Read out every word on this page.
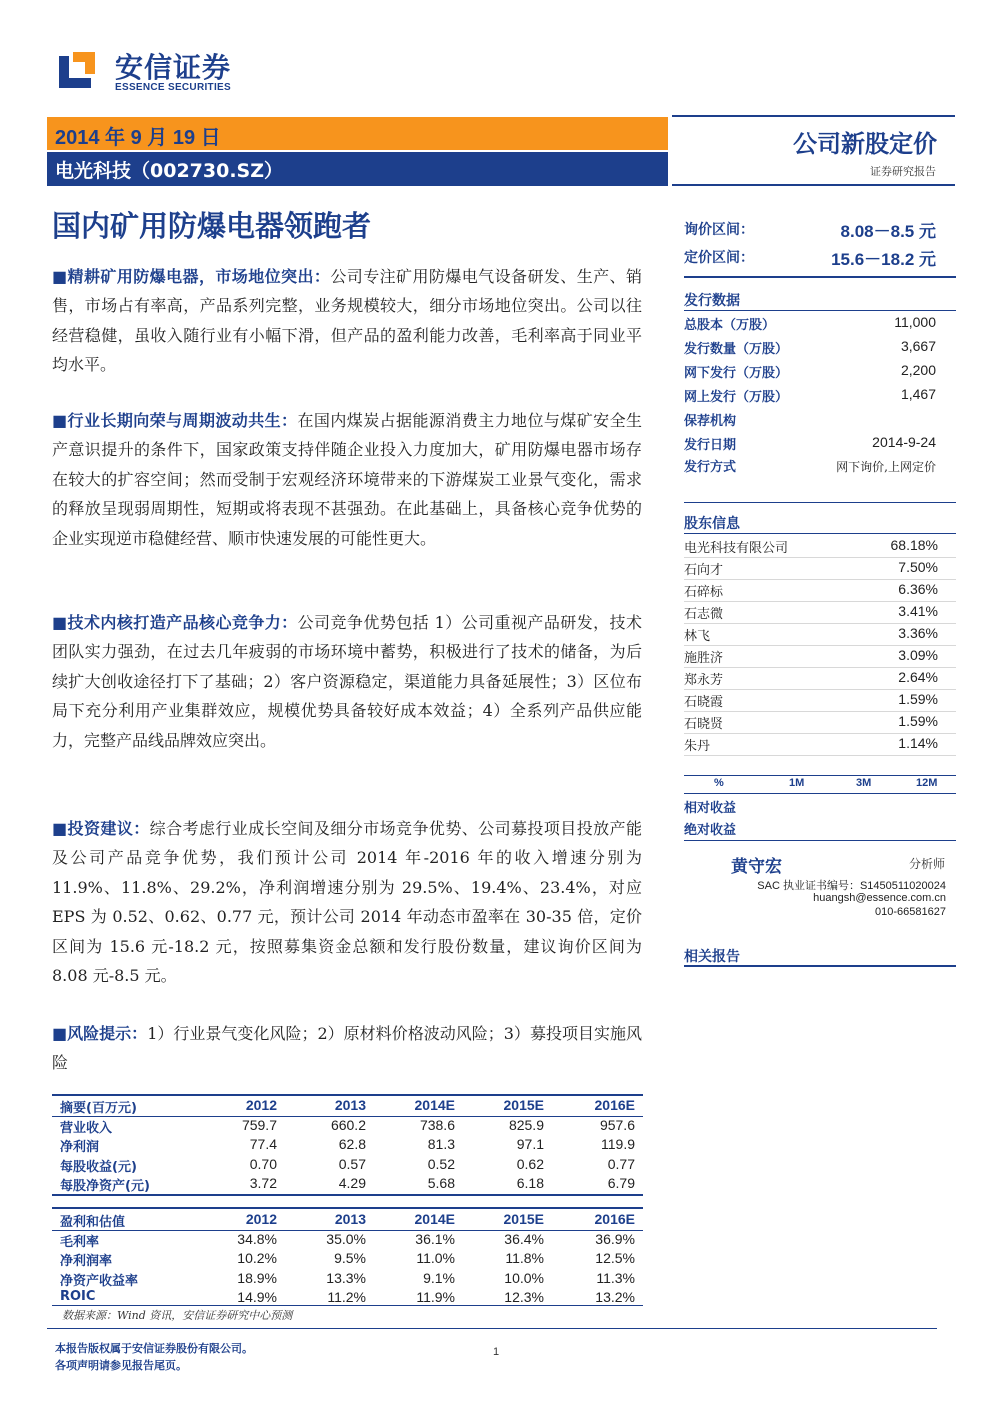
安信证券
ESSENCE SECURITIES
2014 年 9 月 19 日
电光科技（002730.SZ）
公司新股定价
证券研究报告
国内矿用防爆电器领跑者
■精耕矿用防爆电器，市场地位突出：公司专注矿用防爆电气设备研发、生产、销售，市场占有率高，产品系列完整，业务规模较大，细分市场地位突出。公司以往经营稳健，虽收入随行业有小幅下滑，但产品的盈利能力改善，毛利率高于同业平均水平。
■行业长期向荣与周期波动共生：在国内煤炭占据能源消费主力地位与煤矿安全生产意识提升的条件下，国家政策支持伴随企业投入力度加大，矿用防爆电器市场存在较大的扩容空间；然而受制于宏观经济环境带来的下游煤炭工业景气变化，需求的释放呈现弱周期性，短期或将表现不甚强劲。在此基础上，具备核心竞争优势的企业实现逆市稳健经营、顺市快速发展的可能性更大。
■技术内核打造产品核心竞争力：公司竞争优势包括 1）公司重视产品研发，技术团队实力强劲，在过去几年疲弱的市场环境中蓄势，积极进行了技术的储备，为后续扩大创收途径打下了基础；2）客户资源稳定，渠道能力具备延展性；3）区位布局下充分利用产业集群效应，规模优势具备较好成本效益；4）全系列产品供应能力，完整产品线品牌效应突出。
■投资建议：综合考虑行业成长空间及细分市场竞争优势、公司募投项目投放产能及公司产品竞争优势，我们预计公司 2014 年-2016 年的收入增速分别为 11.9%、11.8%、29.2%，净利润增速分别为 29.5%、19.4%、23.4%，对应 EPS 为 0.52、0.62、0.77 元，预计公司 2014 年动态市盈率在 30-35 倍，定价区间为 15.6 元-18.2 元，按照募集资金总额和发行股份数量，建议询价区间为 8.08 元-8.5 元。
■风险提示：1）行业景气变化风险；2）原材料价格波动风险；3）募投项目实施风险
询价区间：	8.08－8.5 元
定价区间：	15.6－18.2 元
发行数据
总股本（万股）	11,000
发行数量（万股）	3,667
网下发行（万股）	2,200
网上发行（万股）	1,467
保荐机构
发行日期	2014-9-24
发行方式	网下询价,上网定价
股东信息
电光科技有限公司	68.18%
石向才	7.50%
石碎标	6.36%
石志微	3.41%
林飞	3.36%
施胜济	3.09%
郑永芳	2.64%
石晓霞	1.59%
石晓贤	1.59%
朱丹	1.14%
%	1M	3M	12M
相对收益
绝对收益
黄守宏	分析师
SAC 执业证书编号：S1450511020024
huangsh@essence.com.cn
010-66581627
相关报告
摘要(百万元)	2012	2013	2014E	2015E	2016E
营业收入	759.7	660.2	738.6	825.9	957.6
净利润	77.4	62.8	81.3	97.1	119.9
每股收益(元)	0.70	0.57	0.52	0.62	0.77
每股净资产(元)	3.72	4.29	5.68	6.18	6.79
盈利和估值	2012	2013	2014E	2015E	2016E
毛利率	34.8%	35.0%	36.1%	36.4%	36.9%
净利润率	10.2%	9.5%	11.0%	11.8%	12.5%
净资产收益率	18.9%	13.3%	9.1%	10.0%	11.3%
ROIC	14.9%	11.2%	11.9%	12.3%	13.2%
数据来源：Wind 资讯，安信证券研究中心预测
本报告版权属于安信证券股份有限公司。
各项声明请参见报告尾页。
1
